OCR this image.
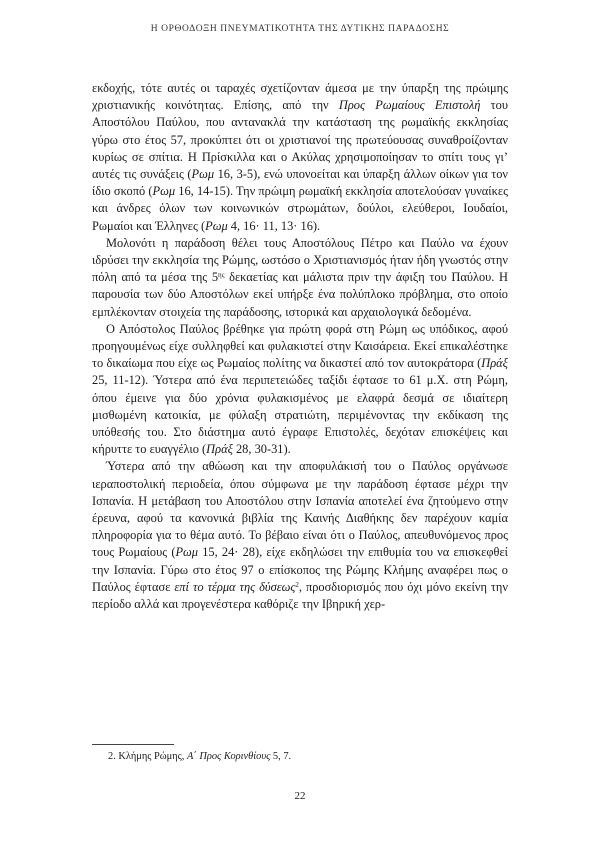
Η ΟΡΘΟΔΟΞΗ ΠΝΕΥΜΑΤΙΚΟΤΗΤΑ ΤΗΣ ΔΥΤΙΚΗΣ ΠΑΡΑΔΟΣΗΣ

εκδοχής, τότε αυτές οι ταραχές σχετίζονταν άμεσα με την ύπαρξη της πρώιμης χριστιανικής κοινότητας. Επίσης, από την Προς Ρωμαίους Επιστολή του Αποστόλου Παύλου, που αντανακλά την κατάσταση της ρωμαϊκής εκκλησίας γύρω στο έτος 57, προκύπτει ότι οι χριστιανοί της πρωτεύουσας συναθροίζονταν κυρίως σε σπίτια. Η Πρίσκιλλα και ο Ακύλας χρησιμοποίησαν το σπίτι τους γι’ αυτές τις συνάξεις (Ρωμ 16, 3-5), ενώ υπονοείται και ύπαρξη άλλων οίκων για τον ίδιο σκοπό (Ρωμ 16, 14-15). Την πρώιμη ρωμαϊκή εκκλησία αποτελούσαν γυναίκες και άνδρες όλων των κοινωνικών στρωμάτων, δούλοι, ελεύθεροι, Ιουδαίοι, Ρωμαίοι και Έλληνες (Ρωμ 4, 16· 11, 13· 16).

Μολονότι η παράδοση θέλει τους Αποστόλους Πέτρο και Παύλο να έχουν ιδρύσει την εκκλησία της Ρώμης, ωστόσο ο Χριστιανισμός ήταν ήδη γνωστός στην πόλη από τα μέσα της $5^{\eta\varsigma}$ δεκαετίας και μάλιστα πριν την άφιξη του Παύλου. Η παρουσία των δύο Αποστόλων εκεί υπήρξε ένα πολύπλοκο πρόβλημα, στο οποίο εμπλέκονταν στοιχεία της παράδοσης, ιστορικά και αρχαιολογικά δεδομένα.

Ο Απόστολος Παύλος βρέθηκε για πρώτη φορά στη Ρώμη ως υπόδικος, αφού προηγουμένως είχε συλληφθεί και φυλακιστεί στην Καισάρεια. Εκεί επικαλέστηκε το δικαίωμα που είχε ως Ρωμαίος πολίτης να δικαστεί από τον αυτοκράτορα (Πράξ 25, 11-12). Ύστερα από ένα περιπετειώδες ταξίδι έφτασε το 61 μ.Χ. στη Ρώμη, όπου έμεινε για δύο χρόνια φυλακισμένος με ελαφρά δεσμά σε ιδιαίτερη μισθωμένη κατοικία, με φύλαξη στρατιώτη, περιμένοντας την εκδίκαση της υπόθεσής του. Στο διάστημα αυτό έγραφε Επιστολές, δεχόταν επισκέψεις και κήρυττε το ευαγγέλιο (Πράξ 28, 30-31).

Ύστερα από την αθώωση και την αποφυλάκισή του ο Παύλος οργάνωσε ιεραποστολική περιοδεία, όπου σύμφωνα με την παράδοση έφτασε μέχρι την Ισπανία. Η μετάβαση του Αποστόλου στην Ισπανία αποτελεί ένα ζητούμενο στην έρευνα, αφού τα κανονικά βιβλία της Καινής Διαθήκης δεν παρέχουν καμία πληροφορία για το θέμα αυτό. Το βέβαιο είναι ότι ο Παύλος, απευθυνόμενος προς τους Ρωμαίους (Ρωμ 15, 24· 28), είχε εκδηλώσει την επιθυμία του να επισκεφθεί την Ισπανία. Γύρω στο έτος 97 ο επίσκοπος της Ρώμης Κλήμης αναφέρει πως ο Παύλος έφτασε επί το τέρμα της δύσεως$^2$, προσδιορισμός που όχι μόνο εκείνη την περίοδο αλλά και προγενέστερα καθόριζε την Ιβηρική χερ-

2. Κλήμης Ρώμης, Α΄ Προς Κορινθίους 5, 7.

22
